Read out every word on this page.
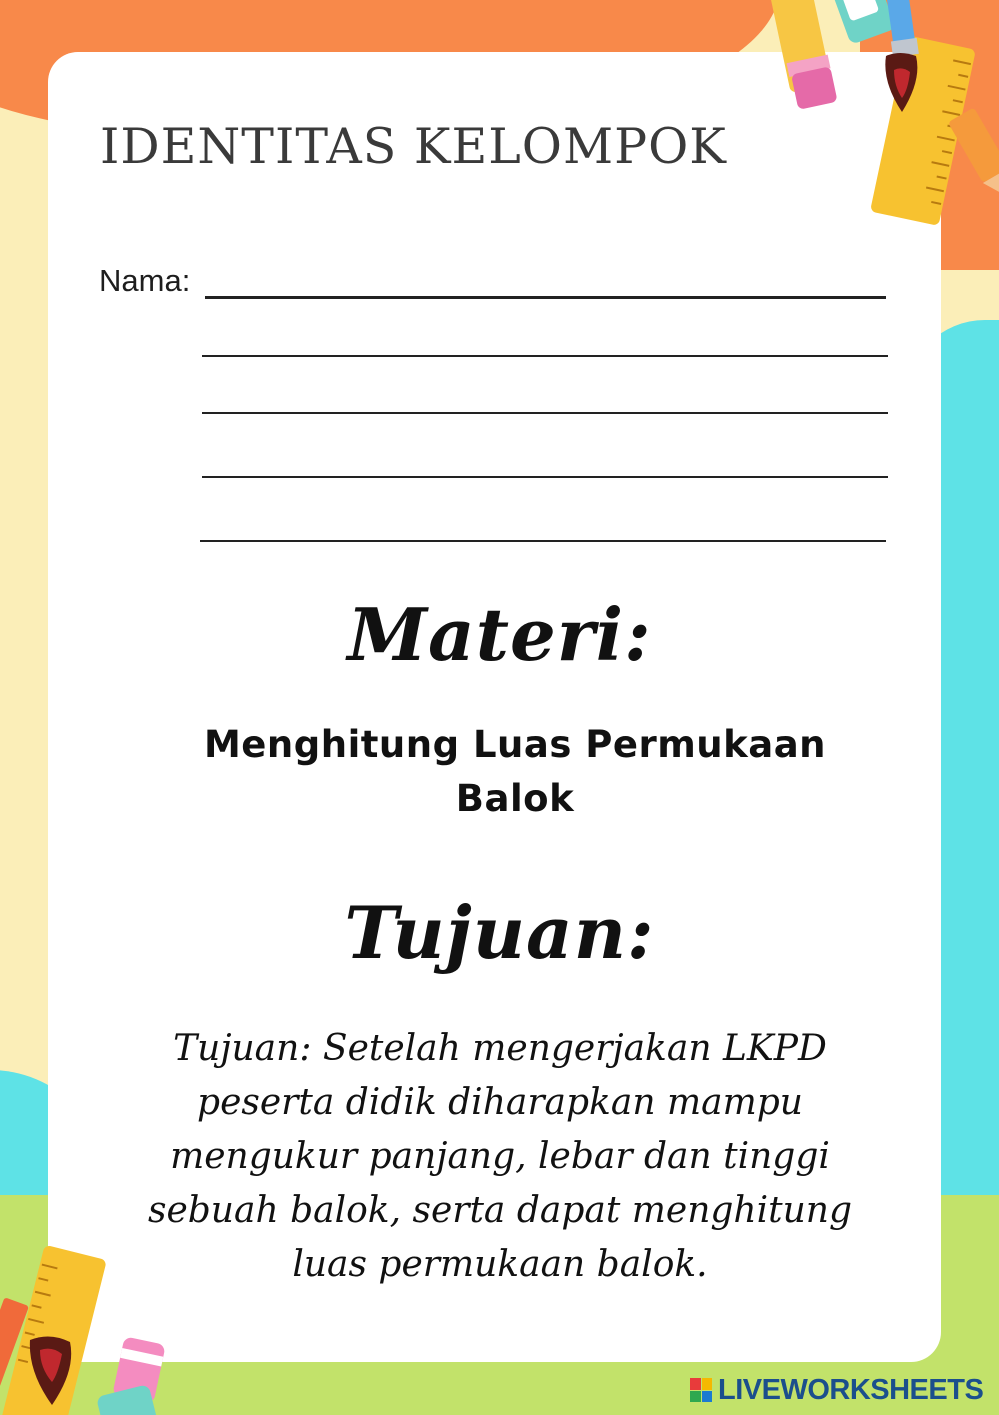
IDENTITAS KELOMPOK
Nama:
Materi:
Menghitung Luas Permukaan Balok
Tujuan:
Tujuan: Setelah mengerjakan LKPD peserta didik diharapkan mampu mengukur panjang, lebar dan tinggi sebuah balok, serta dapat menghitung luas permukaan balok.
LIVEWORKSHEETS
